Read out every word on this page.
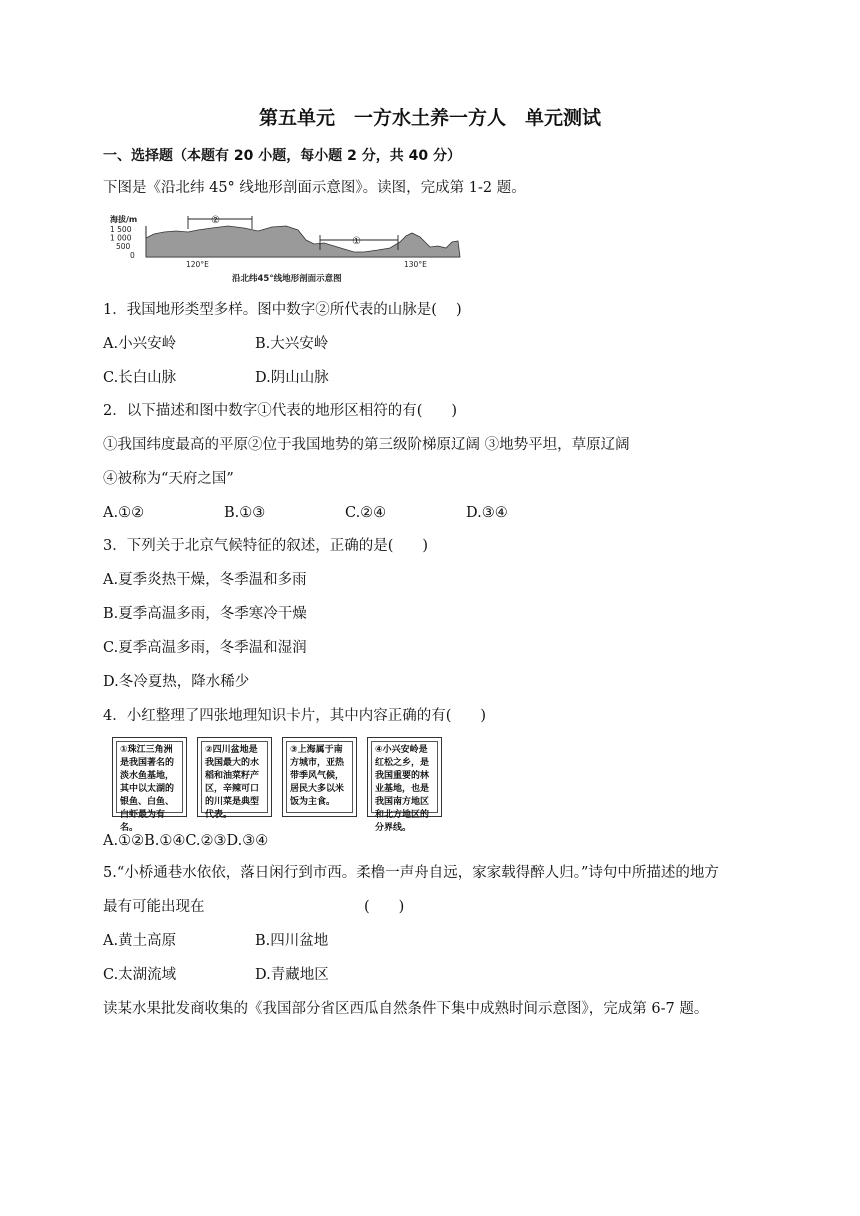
第五单元　一方水土养一方人　单元测试
一、选择题（本题有 20 小题，每小题 2 分，共 40 分）
下图是《沿北纬 45° 线地形剖面示意图》。读图，完成第 1-2 题。
海拔/m
1 500
1 000
500
0
②
①
120°E	130°E
沿北纬45°线地形剖面示意图
1．我国地形类型多样。图中数字②所代表的山脉是(　 )
A.小兴安岭	B.大兴安岭
C.长白山脉	D.阴山山脉
2．以下描述和图中数字①代表的地形区相符的有(　　)
①我国纬度最高的平原②位于我国地势的第三级阶梯原辽阔 ③地势平坦，草原辽阔
④被称为“天府之国”
A.①②	B.①③	C.②④	D.③④
3．下列关于北京气候特征的叙述，正确的是(　　)
A.夏季炎热干燥，冬季温和多雨
B.夏季高温多雨，冬季寒冷干燥
C.夏季高温多雨，冬季温和湿润
D.冬冷夏热，降水稀少
4．小红整理了四张地理知识卡片，其中内容正确的有(　　)
①珠江三角洲是我国著名的淡水鱼基地，其中以太湖的银鱼、白鱼、白虾最为有名。
②四川盆地是我国最大的水稻和油菜籽产区，辛辣可口的川菜是典型代表。
③上海属于南方城市，亚热带季风气候，居民大多以米饭为主食。
④小兴安岭是红松之乡，是我国重要的林业基地，也是我国南方地区和北方地区的分界线。
A.①②B.①④C.②③D.③④
5.“小桥通巷水依依，落日闲行到市西。柔橹一声舟自远，家家载得醉人归。”诗句中所描述的地方
最有可能出现在　　　　　　　　　　　(　　)
A.黄土高原	B.四川盆地
C.太湖流域	D.青藏地区
读某水果批发商收集的《我国部分省区西瓜自然条件下集中成熟时间示意图》，完成第 6-7 题。
